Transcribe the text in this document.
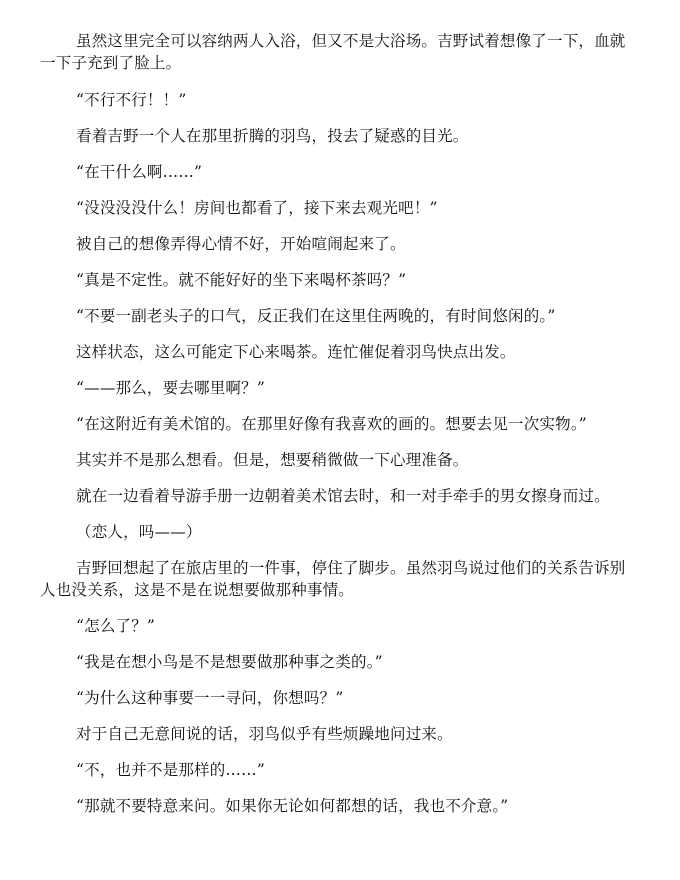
虽然这里完全可以容纳两人入浴，但又不是大浴场。吉野试着想像了一下，血就一下子充到了脸上。

“不行不行！！”

看着吉野一个人在那里折腾的羽鸟，投去了疑惑的目光。

“在干什么啊……”

“没没没没什么！房间也都看了，接下来去观光吧！”

被自己的想像弄得心情不好，开始喧闹起来了。

“真是不定性。就不能好好的坐下来喝杯茶吗？”

“不要一副老头子的口气，反正我们在这里住两晚的，有时间悠闲的。”

这样状态，这么可能定下心来喝茶。连忙催促着羽鸟快点出发。

“——那么，要去哪里啊？”

“在这附近有美术馆的。在那里好像有我喜欢的画的。想要去见一次实物。”

其实并不是那么想看。但是，想要稍微做一下心理准备。

就在一边看着导游手册一边朝着美术馆去时，和一对手牵手的男女擦身而过。

（恋人，吗——）

吉野回想起了在旅店里的一件事，停住了脚步。虽然羽鸟说过他们的关系告诉别人也没关系，这是不是在说想要做那种事情。

“怎么了？”

“我是在想小鸟是不是想要做那种事之类的。”

“为什么这种事要一一寻问，你想吗？”

对于自己无意间说的话，羽鸟似乎有些烦躁地问过来。

“不，也并不是那样的……”

“那就不要特意来问。如果你无论如何都想的话，我也不介意。”
